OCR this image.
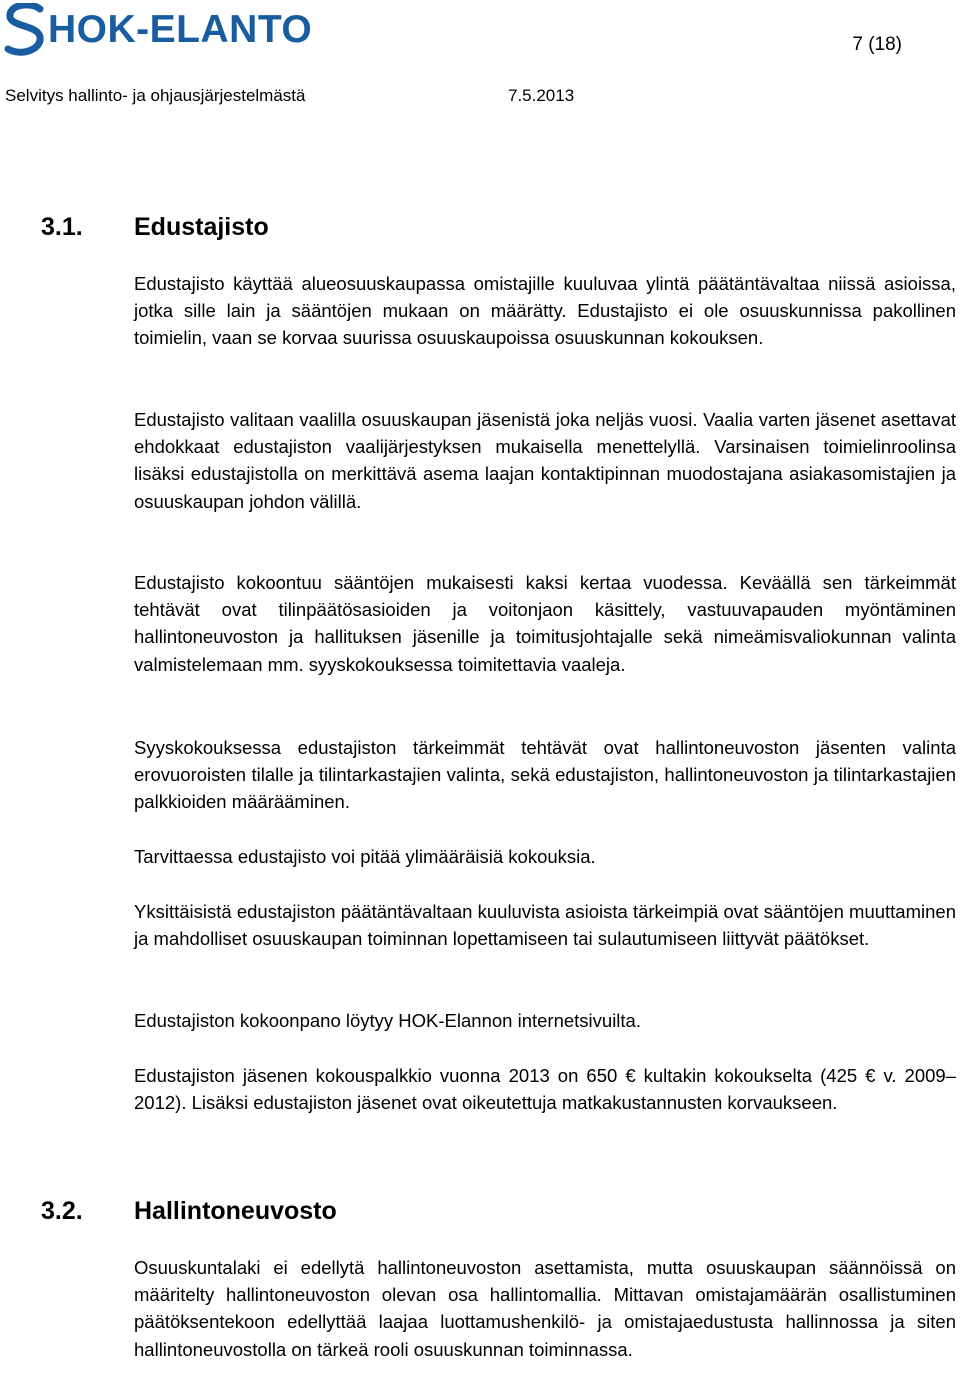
HOK-ELANTO	7 (18)
Selvitys hallinto- ja ohjausjärjestelmästä	7.5.2013
3.1. Edustajisto

Edustajisto käyttää alueosuuskaupassa omistajille kuuluvaa ylintä päätäntävaltaa niissä asioissa, jotka sille lain ja sääntöjen mukaan on määrätty. Edustajisto ei ole osuuskunnissa pakollinen toimielin, vaan se korvaa suurissa osuuskaupoissa osuuskunnan kokouksen.

Edustajisto valitaan vaalilla osuuskaupan jäsenistä joka neljäs vuosi. Vaalia varten jäsenet asettavat ehdokkaat edustajiston vaalijärjestyksen mukaisella menettelyllä. Varsinaisen toimielinroolinsa lisäksi edustajistolla on merkittävä asema laajan kontaktipinnan muodostajana asiakasomistajien ja osuuskaupan johdon välillä.

Edustajisto kokoontuu sääntöjen mukaisesti kaksi kertaa vuodessa. Keväällä sen tärkeimmät tehtävät ovat tilinpäätösasioiden ja voitonjaon käsittely, vastuuvapauden myöntäminen hallintoneuvoston ja hallituksen jäsenille ja toimitusjohtajalle sekä nimeämisvaliokunnan valinta valmistelemaan mm. syyskokouksessa toimitettavia vaaleja.

Syyskokouksessa edustajiston tärkeimmät tehtävät ovat hallintoneuvoston jäsenten valinta erovuoroisten tilalle ja tilintarkastajien valinta, sekä edustajiston, hallintoneuvoston ja tilintarkastajien palkkioiden määrääminen.

Tarvittaessa edustajisto voi pitää ylimääräisiä kokouksia.

Yksittäisistä edustajiston päätäntävaltaan kuuluvista asioista tärkeimpiä ovat sääntöjen muuttaminen ja mahdolliset osuuskaupan toiminnan lopettamiseen tai sulautumiseen liittyvät päätökset.

Edustajiston kokoonpano löytyy HOK-Elannon internetsivuilta.

Edustajiston jäsenen kokouspalkkio vuonna 2013 on 650 € kultakin kokoukselta (425 € v. 2009–2012). Lisäksi edustajiston jäsenet ovat oikeutettuja matkakustannusten korvaukseen.

3.2. Hallintoneuvosto

Osuuskuntalaki ei edellytä hallintoneuvoston asettamista, mutta osuuskaupan säännöissä on määritelty hallintoneuvoston olevan osa hallintomallia. Mittavan omistajamäärän osallistuminen päätöksentekoon edellyttää laajaa luottamushenkilö- ja omistajaedustusta hallinnossa ja siten hallintoneuvostolla on tärkeä rooli osuuskunnan toiminnassa.
